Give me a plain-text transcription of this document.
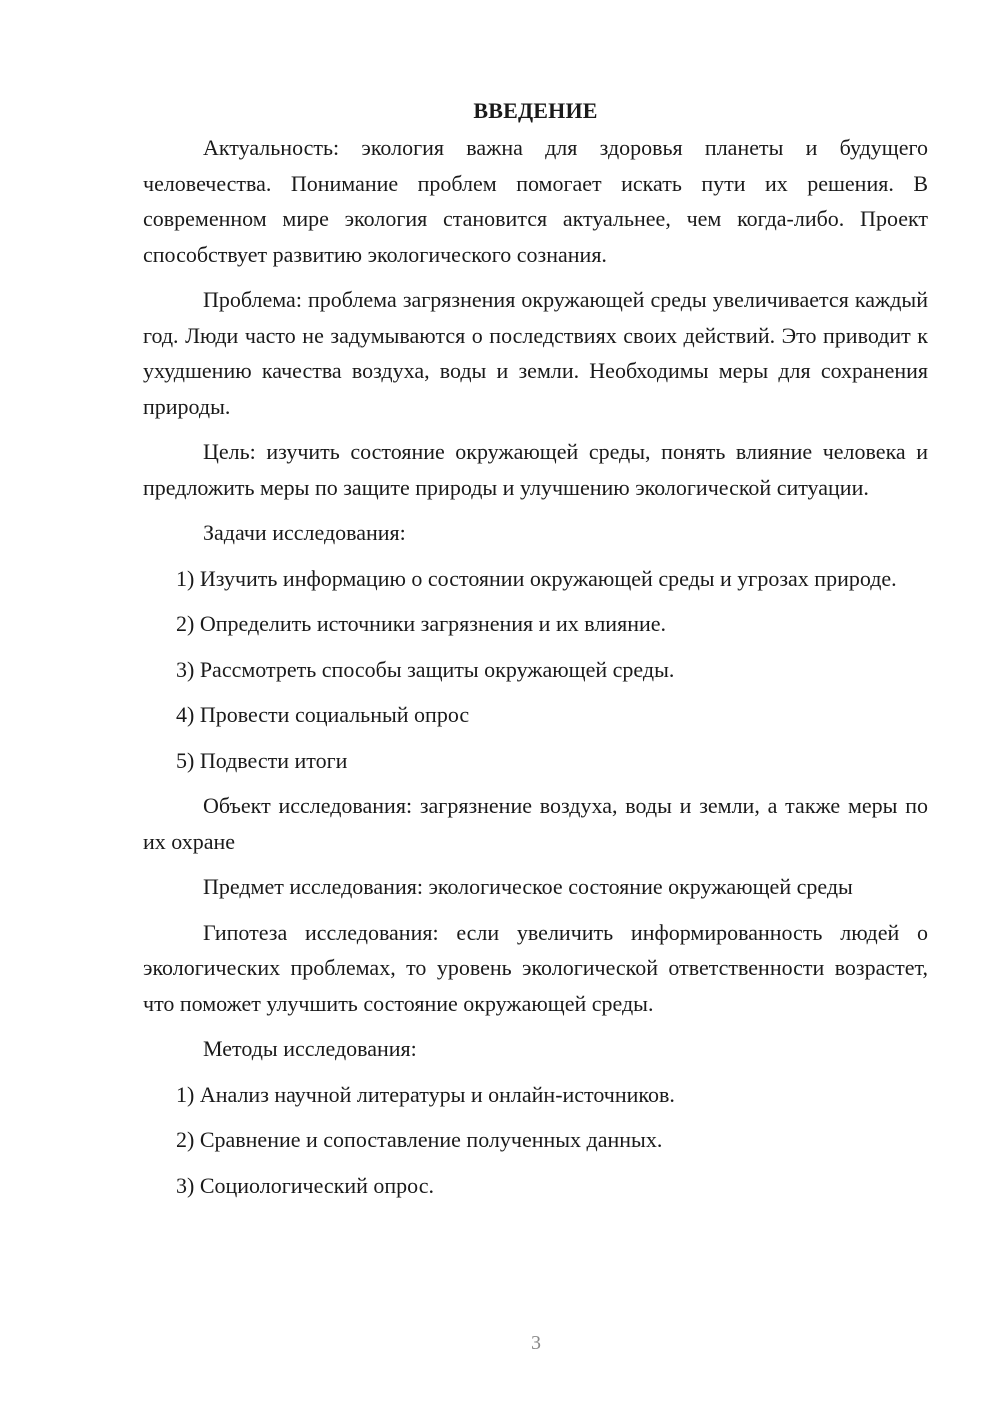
ВВЕДЕНИЕ

Актуальность: экология важна для здоровья планеты и будущего человечества. Понимание проблем помогает искать пути их решения. В современном мире экология становится актуальнее, чем когда-либо. Проект способствует развитию экологического сознания.

Проблема: проблема загрязнения окружающей среды увеличивается каждый год. Люди часто не задумываются о последствиях своих действий. Это приводит к ухудшению качества воздуха, воды и земли. Необходимы меры для сохранения природы.

Цель: изучить состояние окружающей среды, понять влияние человека и предложить меры по защите природы и улучшению экологической ситуации.

Задачи исследования:

1) Изучить информацию о состоянии окружающей среды и угрозах природе.

2) Определить источники загрязнения и их влияние.

3) Рассмотреть способы защиты окружающей среды.

4) Провести социальный опрос

5) Подвести итоги

Объект исследования: загрязнение воздуха, воды и земли, а также меры по их охране

Предмет исследования: экологическое состояние окружающей среды

Гипотеза исследования: если увеличить информированность людей о экологических проблемах, то уровень экологической ответственности возрастет, что поможет улучшить состояние окружающей среды.

Методы исследования:

1) Анализ научной литературы и онлайн-источников.

2) Сравнение и сопоставление полученных данных.

3) Социологический опрос.

3
